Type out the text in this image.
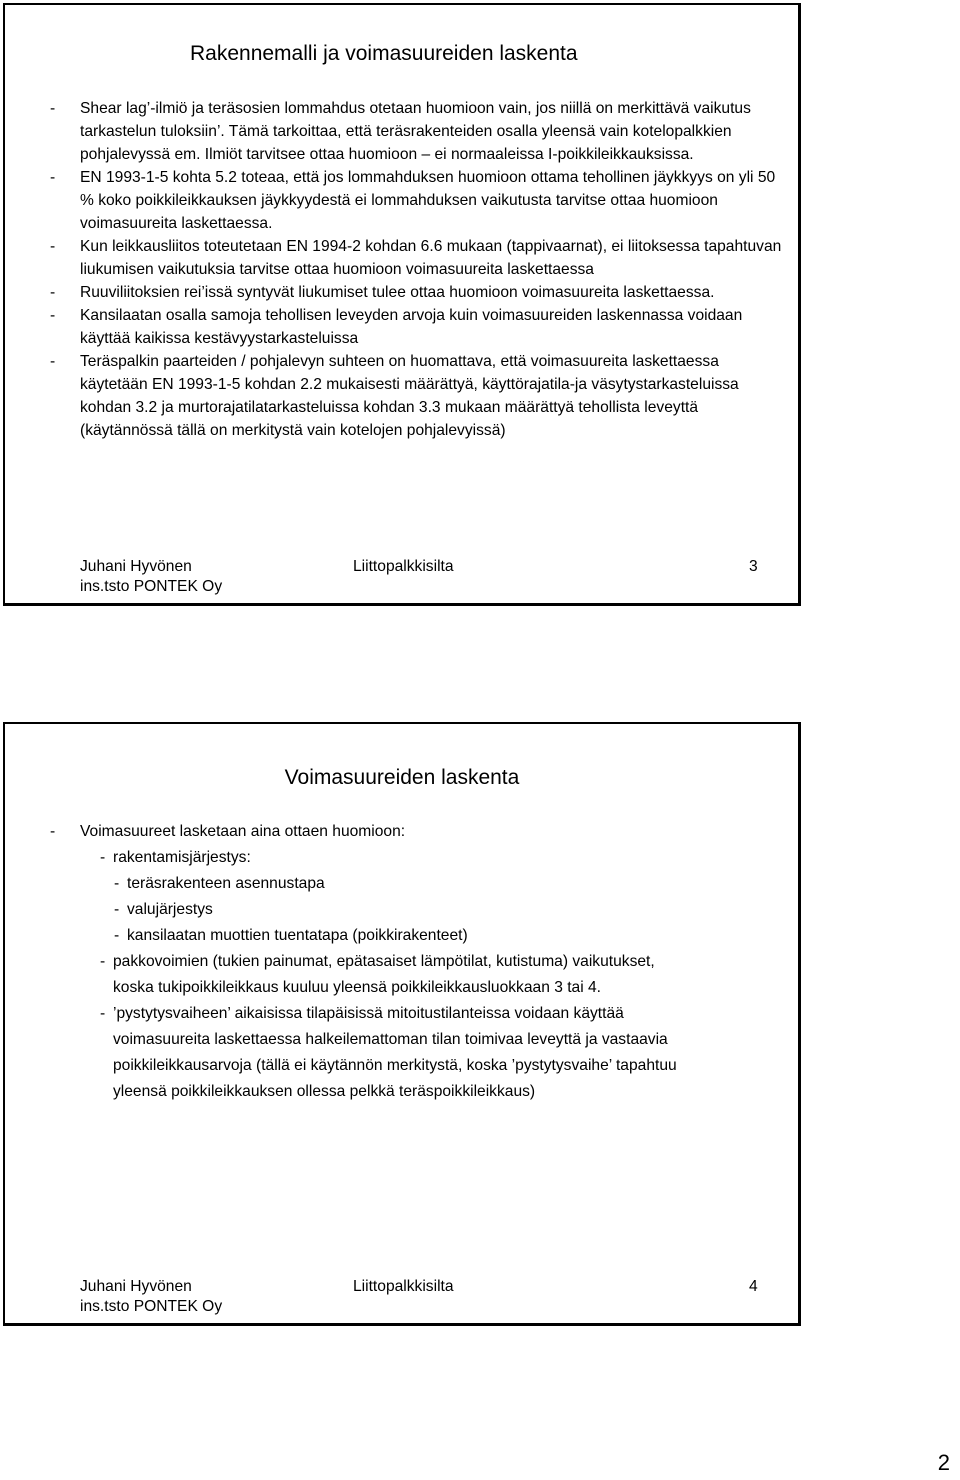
Rakennemalli ja voimasuureiden laskenta
-	Shear lag’-ilmiö ja teräsosien lommahdus otetaan huomioon vain, jos niillä on merkittävä vaikutus tarkastelun tuloksiin’. Tämä tarkoittaa, että teräsrakenteiden osalla yleensä vain kotelopalkkien pohjalevyssä em. Ilmiöt tarvitsee ottaa huomioon – ei normaaleissa I-poikkileikkauksissa.
-	EN 1993-1-5 kohta 5.2 toteaa, että jos lommahduksen huomioon ottama tehollinen jäykkyys on yli 50 % koko poikkileikkauksen jäykkyydestä ei lommahduksen vaikutusta tarvitse ottaa huomioon voimasuureita laskettaessa.
-	Kun leikkausliitos toteutetaan EN 1994-2 kohdan 6.6 mukaan (tappivaarnat), ei liitoksessa tapahtuvan liukumisen vaikutuksia tarvitse ottaa huomioon voimasuureita laskettaessa
-	Ruuviliitoksien rei’issä syntyvät liukumiset tulee ottaa huomioon voimasuureita laskettaessa.
-	Kansilaatan osalla samoja tehollisen leveyden arvoja kuin voimasuureiden laskennassa voidaan käyttää kaikissa kestävyystarkasteluissa
-	Teräspalkin paarteiden / pohjalevyn suhteen on huomattava, että voimasuureita laskettaessa käytetään EN 1993-1-5 kohdan 2.2 mukaisesti määrättyä, käyttörajatila-ja väsytystarkasteluissa kohdan 3.2 ja murtorajatilatarkasteluissa kohdan 3.3 mukaan määrättyä tehollista leveyttä (käytännössä tällä on merkitystä vain kotelojen pohjalevyissä)
Juhani Hyvönen
ins.tsto PONTEK Oy
Liittopalkkisilta	3
Voimasuureiden laskenta
-	Voimasuureet lasketaan aina ottaen huomioon:
- rakentamisjärjestys:
- teräsrakenteen asennustapa
- valujärjestys
- kansilaatan muottien tuentatapa (poikkirakenteet)
- pakkovoimien (tukien painumat, epätasaiset lämpötilat, kutistuma) vaikutukset,
koska tukipoikkileikkaus kuuluu yleensä poikkileikkausluokkaan 3 tai 4.
- ’pystytysvaiheen’ aikaisissa tilapäisissä mitoitustilanteissa voidaan käyttää
voimasuureita laskettaessa halkeilemattoman tilan toimivaa leveyttä ja vastaavia
poikkileikkausarvoja (tällä ei käytännön merkitystä, koska ’pystytysvaihe’ tapahtuu
yleensä poikkileikkauksen ollessa pelkkä teräspoikkileikkaus)
Juhani Hyvönen
ins.tsto PONTEK Oy
Liittopalkkisilta	4
2
